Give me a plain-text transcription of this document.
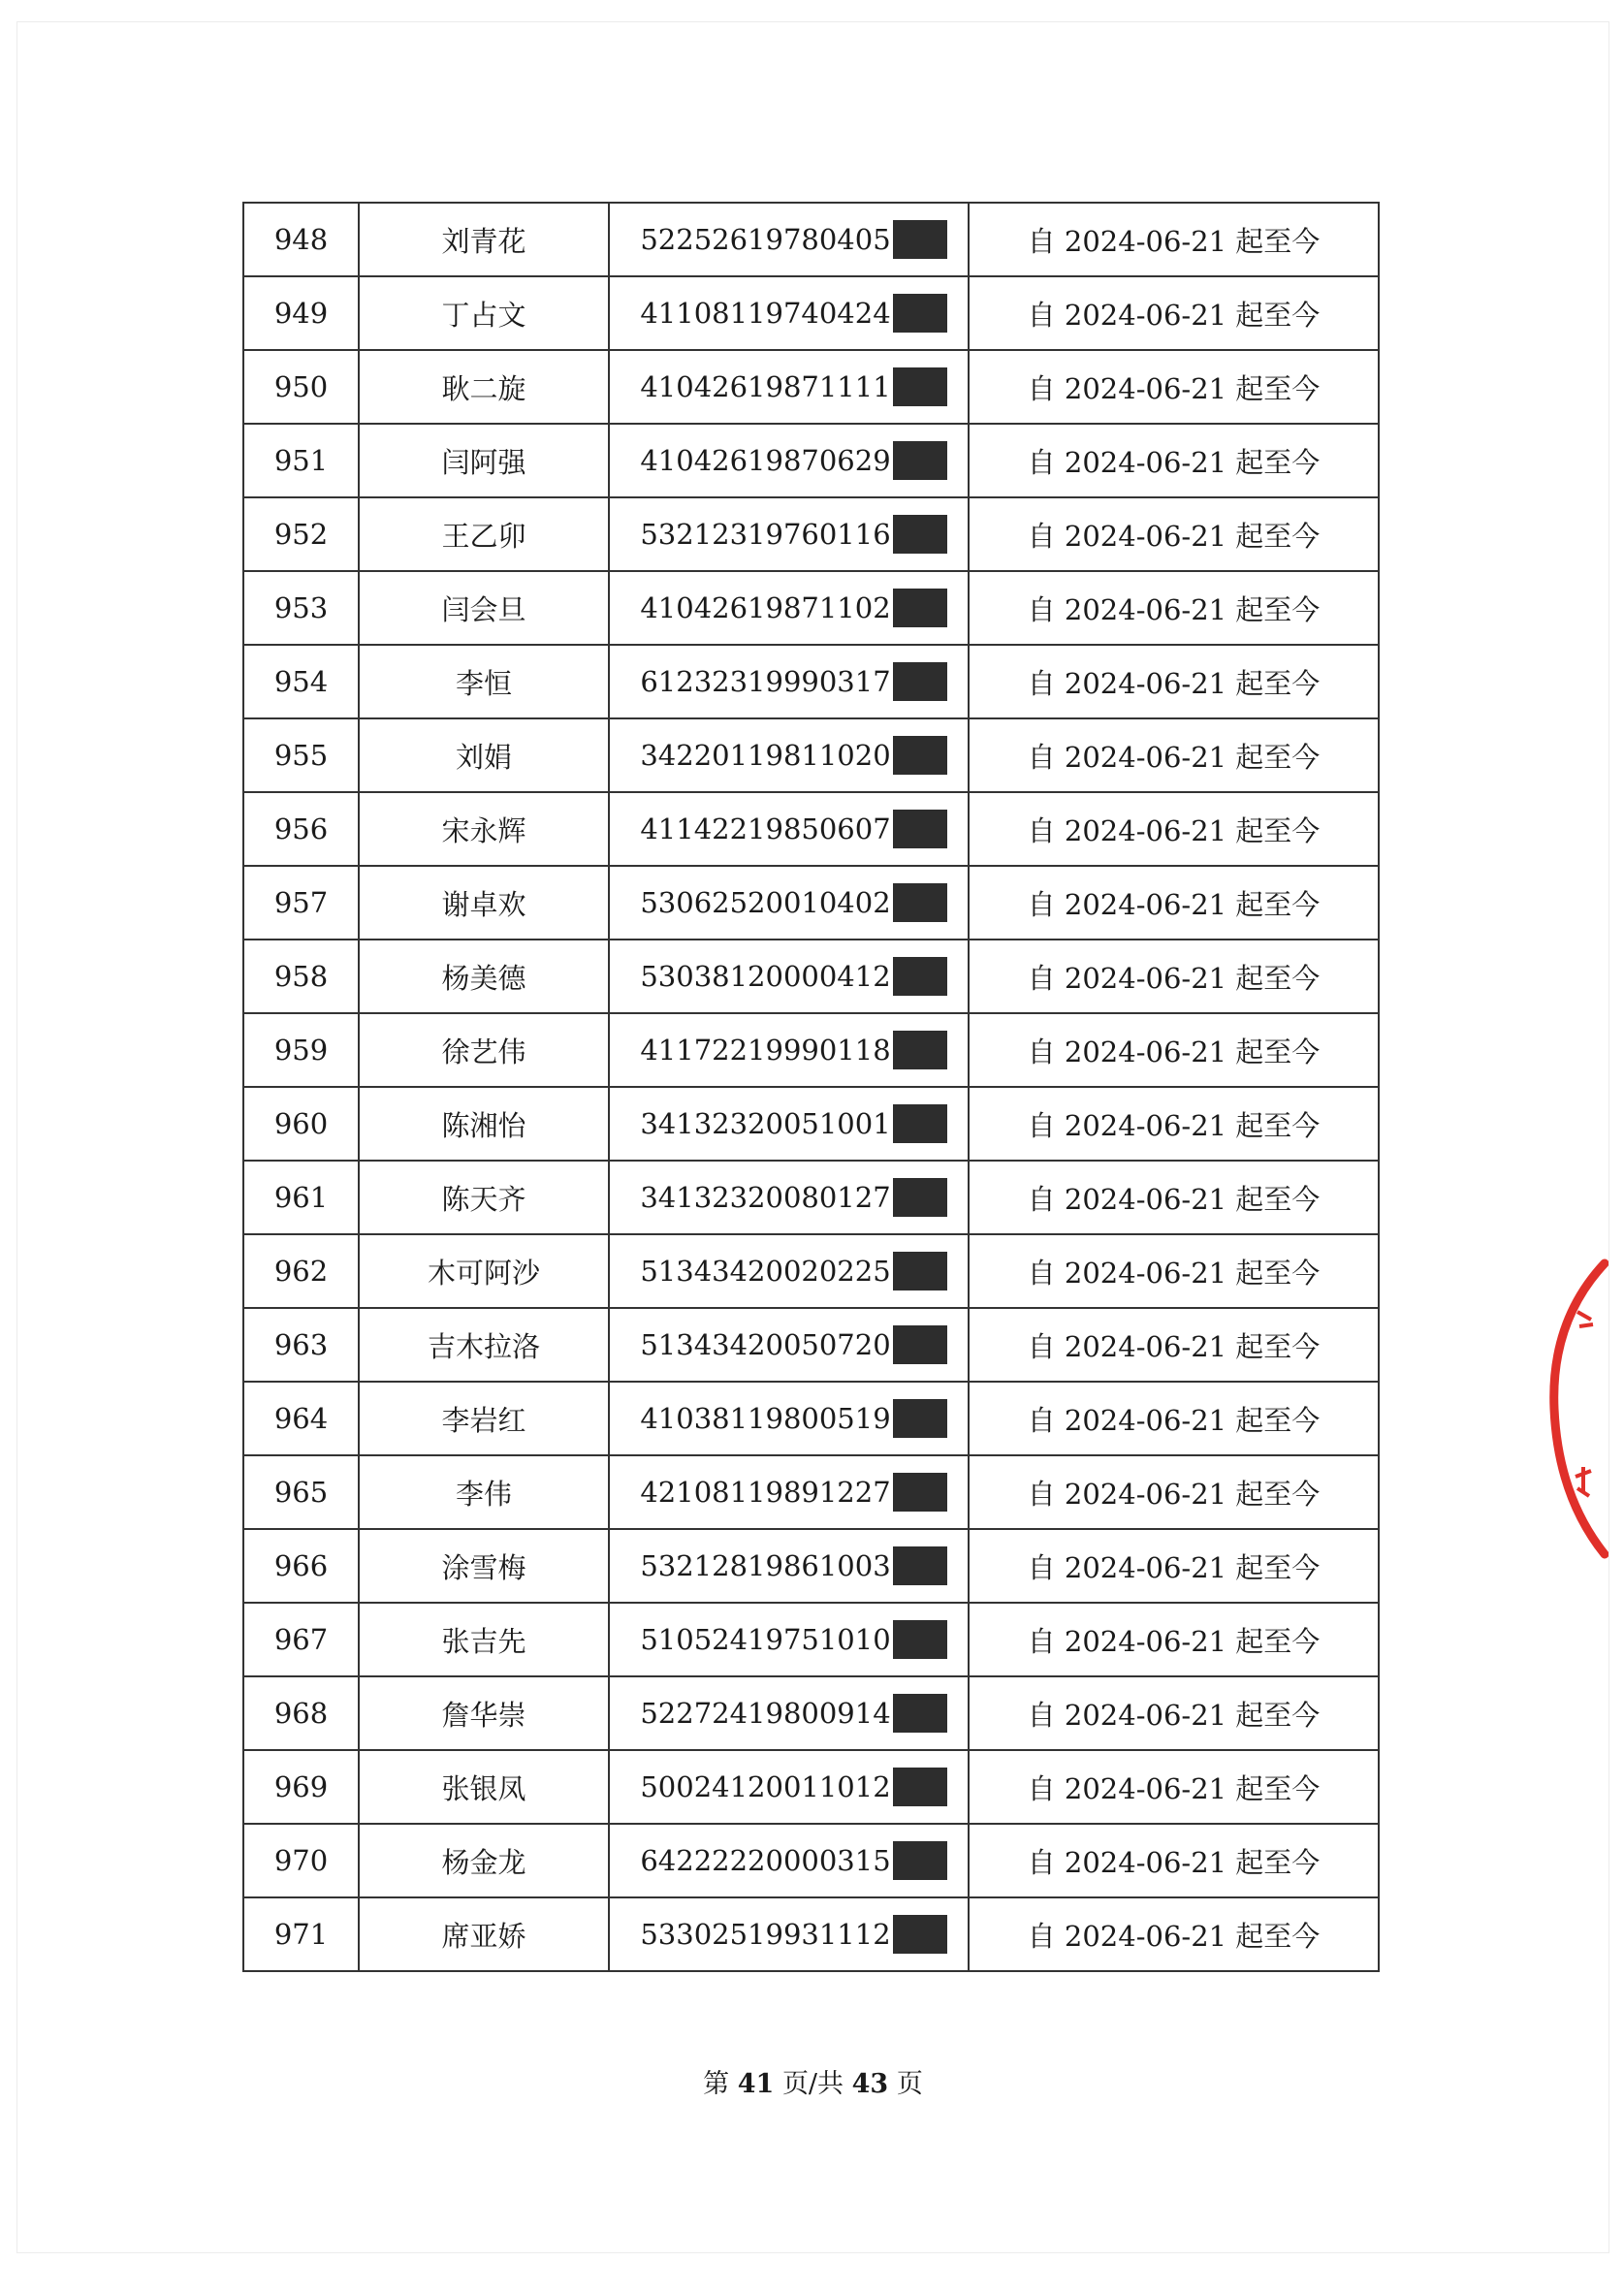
948	刘青花	52252619780405	自 2024-06-21 起至今
949	丁占文	41108119740424	自 2024-06-21 起至今
950	耿二旋	41042619871111	自 2024-06-21 起至今
951	闫阿强	41042619870629	自 2024-06-21 起至今
952	王乙卯	53212319760116	自 2024-06-21 起至今
953	闫会旦	41042619871102	自 2024-06-21 起至今
954	李恒	61232319990317	自 2024-06-21 起至今
955	刘娟	34220119811020	自 2024-06-21 起至今
956	宋永辉	41142219850607	自 2024-06-21 起至今
957	谢卓欢	53062520010402	自 2024-06-21 起至今
958	杨美德	53038120000412	自 2024-06-21 起至今
959	徐艺伟	41172219990118	自 2024-06-21 起至今
960	陈湘怡	34132320051001	自 2024-06-21 起至今
961	陈天齐	34132320080127	自 2024-06-21 起至今
962	木可阿沙	51343420020225	自 2024-06-21 起至今
963	吉木拉洛	51343420050720	自 2024-06-21 起至今
964	李岩红	41038119800519	自 2024-06-21 起至今
965	李伟	42108119891227	自 2024-06-21 起至今
966	涂雪梅	53212819861003	自 2024-06-21 起至今
967	张吉先	51052419751010	自 2024-06-21 起至今
968	詹华崇	52272419800914	自 2024-06-21 起至今
969	张银凤	50024120011012	自 2024-06-21 起至今
970	杨金龙	64222220000315	自 2024-06-21 起至今
971	席亚娇	53302519931112	自 2024-06-21 起至今
第 41 页/共 43 页
